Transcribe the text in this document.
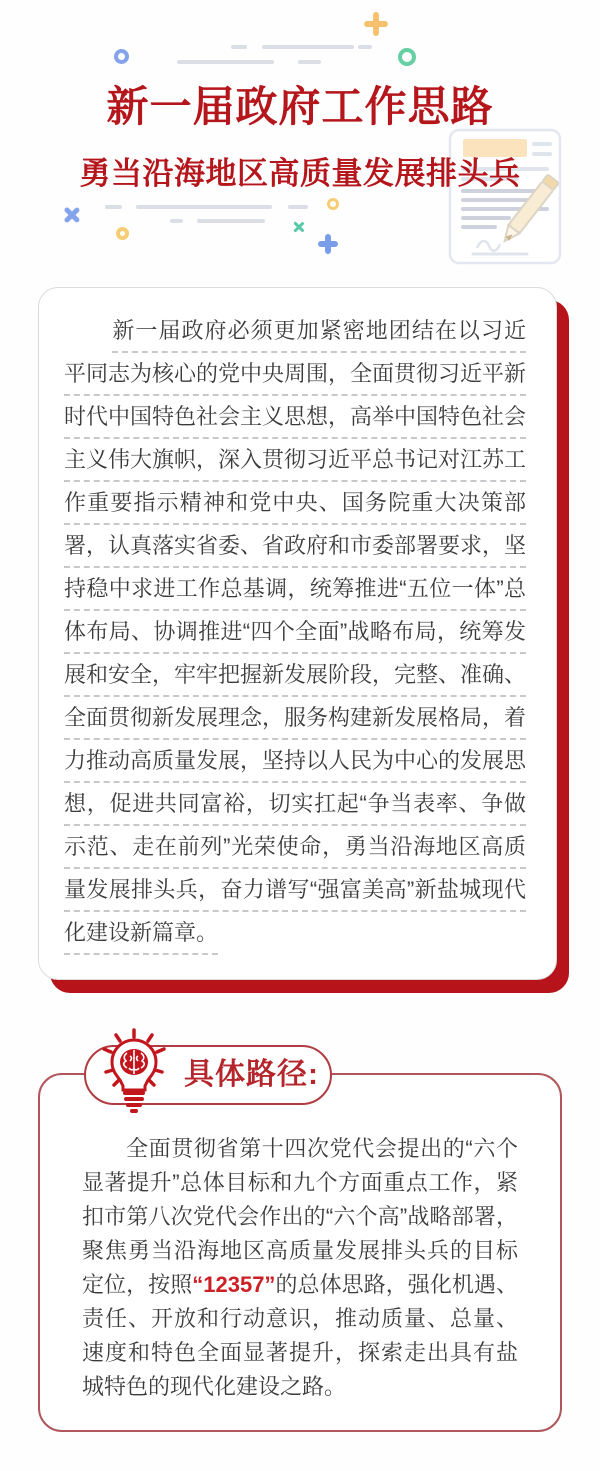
新一届政府工作思路
勇当沿海地区高质量发展排头兵

新一届政府必须更加紧密地团结在以习近平同志为核心的党中央周围，全面贯彻习近平新时代中国特色社会主义思想，高举中国特色社会主义伟大旗帜，深入贯彻习近平总书记对江苏工作重要指示精神和党中央、国务院重大决策部署，认真落实省委、省政府和市委部署要求，坚持稳中求进工作总基调，统筹推进“五位一体”总体布局、协调推进“四个全面”战略布局，统筹发展和安全，牢牢把握新发展阶段，完整、准确、全面贯彻新发展理念，服务构建新发展格局，着力推动高质量发展，坚持以人民为中心的发展思想，促进共同富裕，切实扛起“争当表率、争做示范、走在前列”光荣使命，勇当沿海地区高质量发展排头兵，奋力谱写“强富美高”新盐城现代化建设新篇章。

具体路径:

全面贯彻省第十四次党代会提出的“六个显著提升”总体目标和九个方面重点工作，紧扣市第八次党代会作出的“六个高”战略部署，聚焦勇当沿海地区高质量发展排头兵的目标定位，按照“12357”的总体思路，强化机遇、责任、开放和行动意识，推动质量、总量、速度和特色全面显著提升，探索走出具有盐城特色的现代化建设之路。
